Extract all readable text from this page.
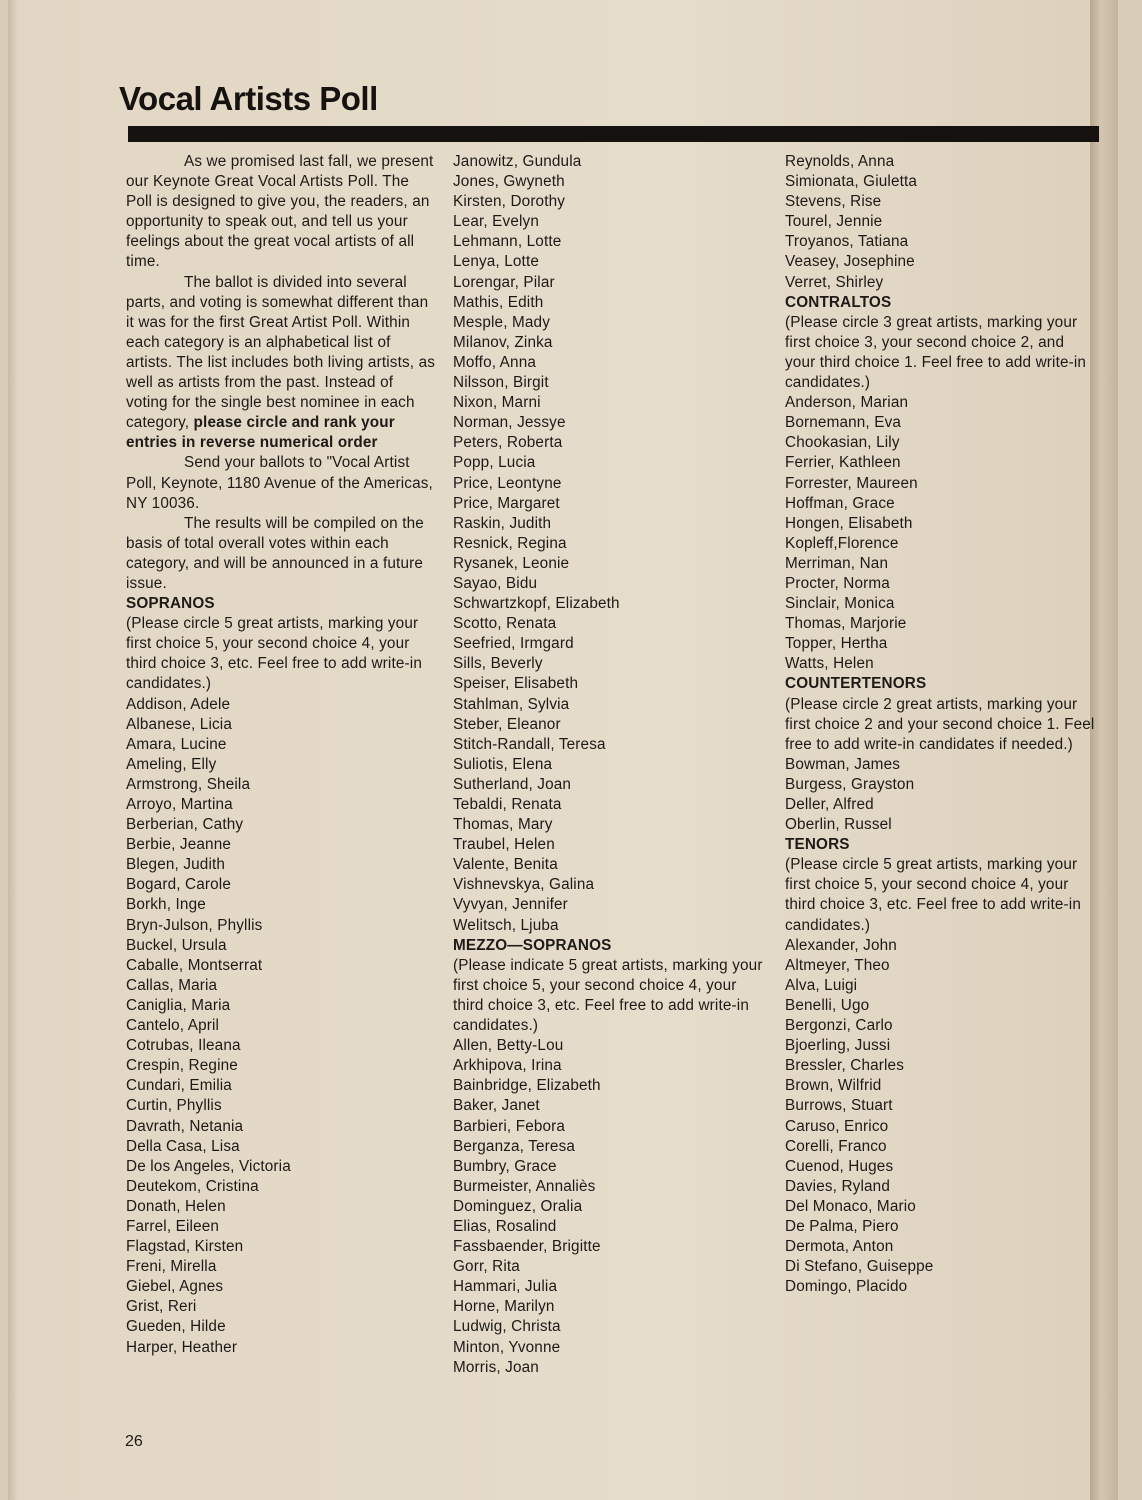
Vocal Artists Poll

As we promised last fall, we present our Keynote Great Vocal Artists Poll. The Poll is designed to give you, the readers, an opportunity to speak out, and tell us your feelings about the great vocal artists of all time.

The ballot is divided into several parts, and voting is somewhat different than it was for the first Great Artist Poll. Within each category is an alphabetical list of artists. The list includes both living artists, as well as artists from the past. Instead of voting for the single best nominee in each category, please circle and rank your entries in reverse numerical order

Send your ballots to "Vocal Artist Poll, Keynote, 1180 Avenue of the Americas, NY 10036.

The results will be compiled on the basis of total overall votes within each category, and will be announced in a future issue.

SOPRANOS

(Please circle 5 great artists, marking your first choice 5, your second choice 4, your third choice 3, etc. Feel free to add write-in candidates.)

Addison, Adele
Albanese, Licia
Amara, Lucine
Ameling, Elly
Armstrong, Sheila
Arroyo, Martina
Berberian, Cathy
Berbie, Jeanne
Blegen, Judith
Bogard, Carole
Borkh, Inge
Bryn-Julson, Phyllis
Buckel, Ursula
Caballe, Montserrat
Callas, Maria
Caniglia, Maria
Cantelo, April
Cotrubas, Ileana
Crespin, Regine
Cundari, Emilia
Curtin, Phyllis
Davrath, Netania
Della Casa, Lisa
De los Angeles, Victoria
Deutekom, Cristina
Donath, Helen
Farrel, Eileen
Flagstad, Kirsten
Freni, Mirella
Giebel, Agnes
Grist, Reri
Gueden, Hilde
Harper, Heather
Janowitz, Gundula
Jones, Gwyneth
Kirsten, Dorothy
Lear, Evelyn
Lehmann, Lotte
Lenya, Lotte
Lorengar, Pilar
Mathis, Edith
Mesple, Mady
Milanov, Zinka
Moffo, Anna
Nilsson, Birgit
Nixon, Marni
Norman, Jessye
Peters, Roberta
Popp, Lucia
Price, Leontyne
Price, Margaret
Raskin, Judith
Resnick, Regina
Rysanek, Leonie
Sayao, Bidu
Schwartzkopf, Elizabeth
Scotto, Renata
Seefried, Irmgard
Sills, Beverly
Speiser, Elisabeth
Stahlman, Sylvia
Steber, Eleanor
Stitch-Randall, Teresa
Suliotis, Elena
Sutherland, Joan
Tebaldi, Renata
Thomas, Mary
Traubel, Helen
Valente, Benita
Vishnevskya, Galina
Vyvyan, Jennifer
Welitsch, Ljuba

MEZZO—SOPRANOS

(Please indicate 5 great artists, marking your first choice 5, your second choice 4, your third choice 3, etc. Feel free to add write-in candidates.)

Allen, Betty-Lou
Arkhipova, Irina
Bainbridge, Elizabeth
Baker, Janet
Barbieri, Febora
Berganza, Teresa
Bumbry, Grace
Burmeister, Annaliès
Dominguez, Oralia
Elias, Rosalind
Fassbaender, Brigitte
Gorr, Rita
Hammari, Julia
Horne, Marilyn
Ludwig, Christa
Minton, Yvonne
Morris, Joan
Reynolds, Anna
Simionata, Giuletta
Stevens, Rise
Tourel, Jennie
Troyanos, Tatiana
Veasey, Josephine
Verret, Shirley

CONTRALTOS

(Please circle 3 great artists, marking your first choice 3, your second choice 2, and your third choice 1. Feel free to add write-in candidates.)

Anderson, Marian
Bornemann, Eva
Chookasian, Lily
Ferrier, Kathleen
Forrester, Maureen
Hoffman, Grace
Hongen, Elisabeth
Kopleff,Florence
Merriman, Nan
Procter, Norma
Sinclair, Monica
Thomas, Marjorie
Topper, Hertha
Watts, Helen

COUNTERTENORS

(Please circle 2 great artists, marking your first choice 2 and your second choice 1. Feel free to add write-in candidates if needed.)

Bowman, James
Burgess, Grayston
Deller, Alfred
Oberlin, Russel

TENORS

(Please circle 5 great artists, marking your first choice 5, your second choice 4, your third choice 3, etc. Feel free to add write-in candidates.)

Alexander, John
Altmeyer, Theo
Alva, Luigi
Benelli, Ugo
Bergonzi, Carlo
Bjoerling, Jussi
Bressler, Charles
Brown, Wilfrid
Burrows, Stuart
Caruso, Enrico
Corelli, Franco
Cuenod, Huges
Davies, Ryland
Del Monaco, Mario
De Palma, Piero
Dermota, Anton
Di Stefano, Guiseppe
Domingo, Placido
26
